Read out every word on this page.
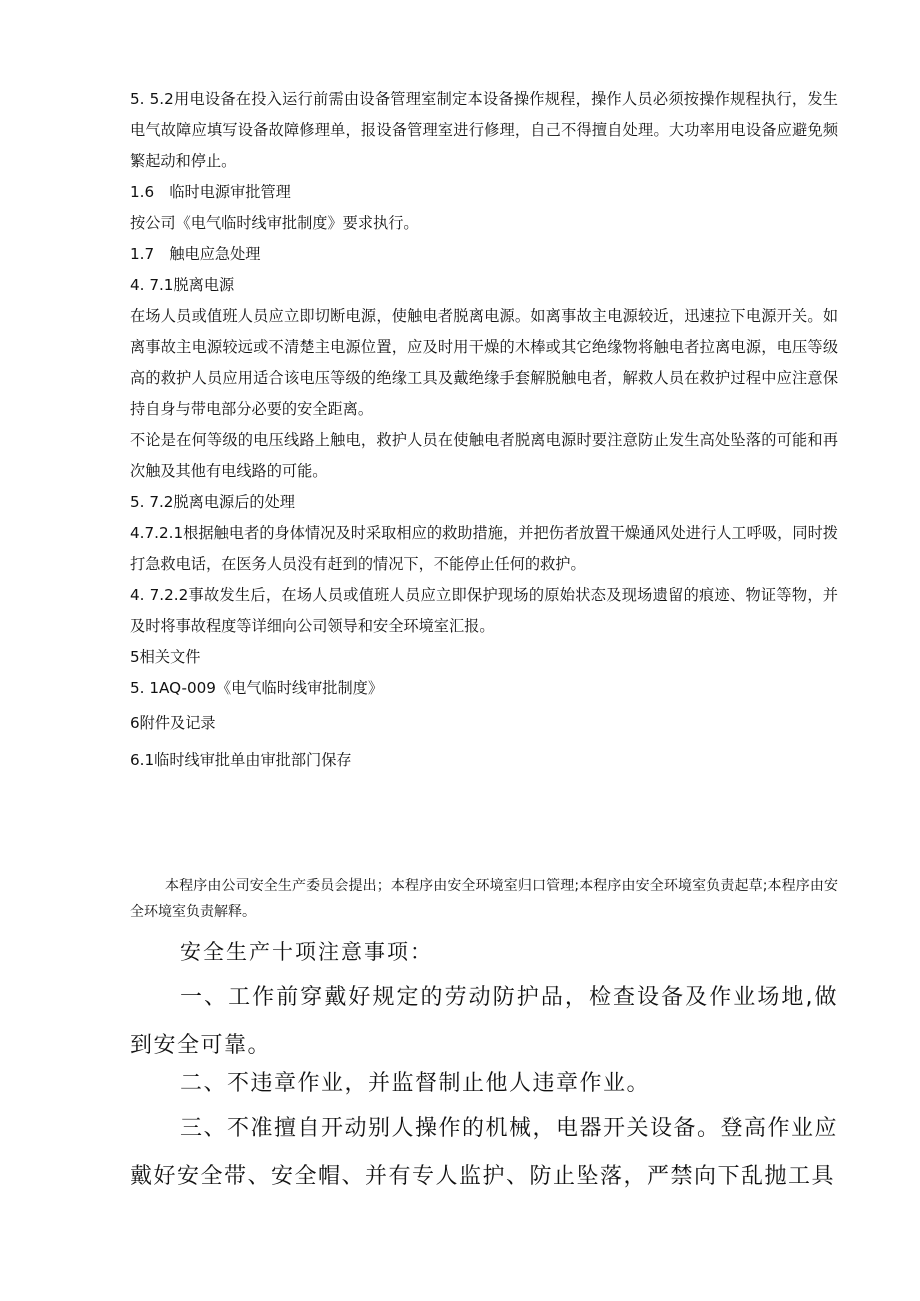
5. 5.2用电设备在投入运行前需由设备管理室制定本设备操作规程，操作人员必须按操作规程执行，发生电气故障应填写设备故障修理单，报设备管理室进行修理，自己不得擅自处理。大功率用电设备应避免频繁起动和停止。

1.6　临时电源审批管理

按公司《电气临时线审批制度》要求执行。

1.7　触电应急处理

4. 7.1脱离电源

在场人员或值班人员应立即切断电源，使触电者脱离电源。如离事故主电源较近，迅速拉下电源开关。如离事故主电源较远或不清楚主电源位置，应及时用干燥的木棒或其它绝缘物将触电者拉离电源，电压等级高的救护人员应用适合该电压等级的绝缘工具及戴绝缘手套解脱触电者，解救人员在救护过程中应注意保持自身与带电部分必要的安全距离。

不论是在何等级的电压线路上触电，救护人员在使触电者脱离电源时要注意防止发生高处坠落的可能和再次触及其他有电线路的可能。

5. 7.2脱离电源后的处理

4.7.2.1根据触电者的身体情况及时采取相应的救助措施，并把伤者放置干燥通风处进行人工呼吸，同时拨打急救电话，在医务人员没有赶到的情况下，不能停止任何的救护。

4. 7.2.2事故发生后，在场人员或值班人员应立即保护现场的原始状态及现场遗留的痕迹、物证等物，并及时将事故程度等详细向公司领导和安全环境室汇报。

5相关文件

5. 1AQ-009《电气临时线审批制度》

6附件及记录

6.1临时线审批单由审批部门保存

本程序由公司安全生产委员会提出；本程序由安全环境室归口管理;本程序由安全环境室负责起草;本程序由安全环境室负责解释。

安全生产十项注意事项：

一、工作前穿戴好规定的劳动防护品，检查设备及作业场地,做到安全可靠。

二、不违章作业，并监督制止他人违章作业。

三、不准擅自开动别人操作的机械，电器开关设备。登高作业应戴好安全带、安全帽、并有专人监护、防止坠落，严禁向下乱抛工具
